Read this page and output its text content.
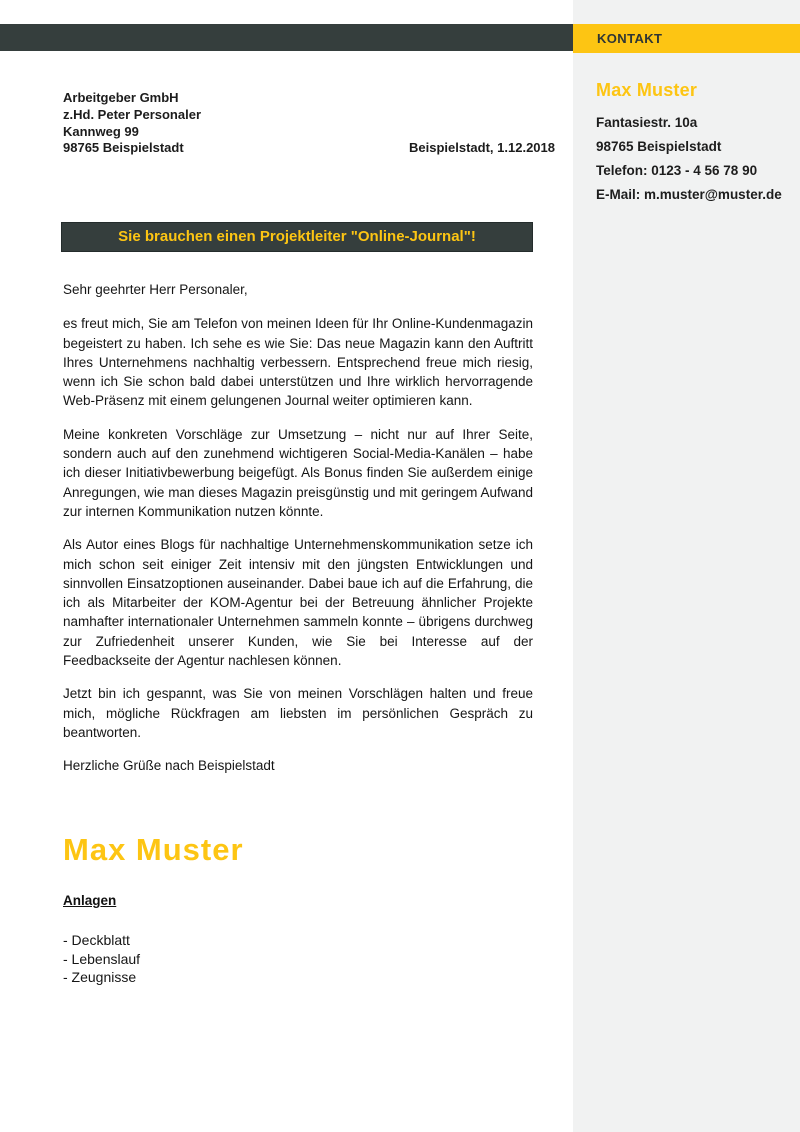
KONTAKT
Max Muster
Fantasiestr. 10a
98765 Beispielstadt
Telefon: 0123 - 4 56 78 90
E-Mail: m.muster@muster.de
Arbeitgeber GmbH
z.Hd. Peter Personaler
Kannweg 99
98765 Beispielstadt	Beispielstadt, 1.12.2018
Sie brauchen einen Projektleiter "Online-Journal"!

Sehr geehrter Herr Personaler,

es freut mich, Sie am Telefon von meinen Ideen für Ihr Online-Kundenmagazin begeistert zu haben. Ich sehe es wie Sie: Das neue Magazin kann den Auftritt Ihres Unternehmens nachhaltig verbessern. Entsprechend freue mich riesig, wenn ich Sie schon bald dabei unterstützen und Ihre wirklich hervorragende Web-Präsenz mit einem gelungenen Journal weiter optimieren kann.

Meine konkreten Vorschläge zur Umsetzung – nicht nur auf Ihrer Seite, sondern auch auf den zunehmend wichtigeren Social-Media-Kanälen – habe ich dieser Initiativbewerbung beigefügt. Als Bonus finden Sie außerdem einige Anregungen, wie man dieses Magazin preisgünstig und mit geringem Aufwand zur internen Kommunikation nutzen könnte.

Als Autor eines Blogs für nachhaltige Unternehmenskommunikation setze ich mich schon seit einiger Zeit intensiv mit den jüngsten Entwicklungen und sinnvollen Einsatzoptionen auseinander. Dabei baue ich auf die Erfahrung, die ich als Mitarbeiter der KOM-Agentur bei der Betreuung ähnlicher Projekte namhafter internationaler Unternehmen sammeln konnte – übrigens durchweg zur Zufriedenheit unserer Kunden, wie Sie bei Interesse auf der Feedbackseite der Agentur nachlesen können.

Jetzt bin ich gespannt, was Sie von meinen Vorschlägen halten und freue mich, mögliche Rückfragen am liebsten im persönlichen Gespräch zu beantworten.

Herzliche Grüße nach Beispielstadt

Max Muster
Anlagen
- Deckblatt
- Lebenslauf
- Zeugnisse
